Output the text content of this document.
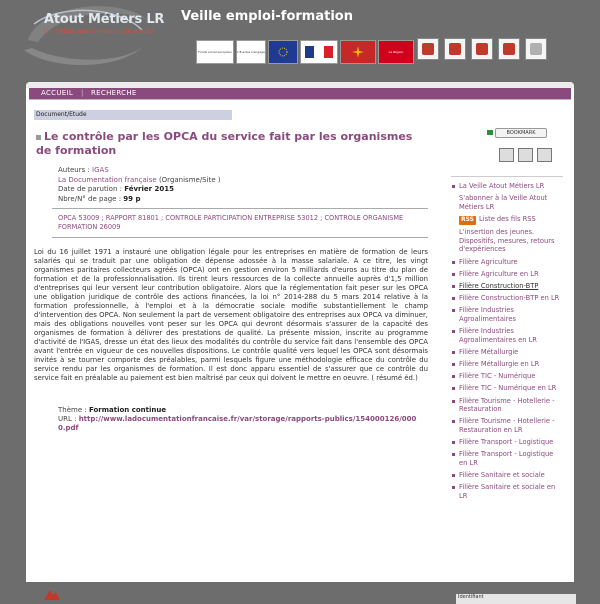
Atout Métiers LR
Un métier, une formation, un emploi
Veille emploi-formation
Fonds social européen	L'Europe s'engage	La Région
ACCUEIL | RECHERCHE
Document/Etude
Le contrôle par les OPCA du service fait par les organismes de formation
Auteurs : IGAS
La Documentation française (Organisme/Site )
Date de parution : Février 2015
Nbre/N° de page : 99 p
OPCA 53009 ; RAPPORT 81801 ; CONTROLE PARTICIPATION ENTREPRISE 53012 ; CONTROLE ORGANISME FORMATION 26009
Loi du 16 juillet 1971 a instauré une obligation légale pour les entreprises en matière de formation de leurs salariés qui se traduit par une obligation de dépense adossée à la masse salariale. A ce titre, les vingt organismes paritaires collecteurs agréés (OPCA) ont en gestion environ 5 milliards d'euros au titre du plan de formation et de la professionnalisation. Ils tirent leurs ressources de la collecte annuelle auprès d'1,5 million d'entreprises qui leur versent leur contribution obligatoire. Alors que la réglementation fait peser sur les OPCA une obligation juridique de contrôle des actions financées, la loi n° 2014-288 du 5 mars 2014 relative à la formation professionnelle, à l'emploi et à la démocratie sociale modifie substantiellement le champ d'intervention des OPCA. Non seulement la part de versement obligatoire des entreprises aux OPCA va diminuer, mais des obligations nouvelles vont peser sur les OPCA qui devront désormais s'assurer de la capacité des organismes de formation à délivrer des prestations de qualité. La présente mission, inscrite au programme d'activité de l'IGAS, dresse un état des lieux des modalités du contrôle du service fait dans l'ensemble des OPCA avant l'entrée en vigueur de ces nouvelles dispositions. Le contrôle qualité vers lequel les OPCA sont désormais invités à se tourner comporte des préalables, parmi lesquels figure une méthodologie efficace du contrôle du service rendu par les organismes de formation. Il est donc apparu essentiel de s'assurer que ce contrôle du service fait en préalable au paiement est bien maîtrisé par ceux qui doivent le mettre en oeuvre. ( résumé éd.)
Thème : Formation continue
URL : http://www.ladocumentationfrancaise.fr/var/storage/rapports-publics/154000126/0000.pdf
BOOKMARK
La Veille Atout Métiers LR
S'abonner à la Veille Atout Métiers LR
RSS Liste des fils RSS
L'insertion des jeunes. Dispositifs, mesures, retours d'expériences
Filière Agriculture
Filière Agriculture en LR
Filière Construction-BTP
Filière Construction-BTP en LR
Filière Industries Agroalimentaires
Filière Industries Agroalimentaires en LR
Filière Métallurgie
Filière Métallurgie en LR
Filière TIC - Numérique
Filière TIC - Numérique en LR
Filière Tourisme - Hotellerie - Restauration
Filière Tourisme - Hotellerie - Restauration en LR
Filière Transport - Logistique
Filière Transport - Logistique en LR
Filière Sanitaire et sociale
Filière Sanitaire et sociale en LR
Identifiant
